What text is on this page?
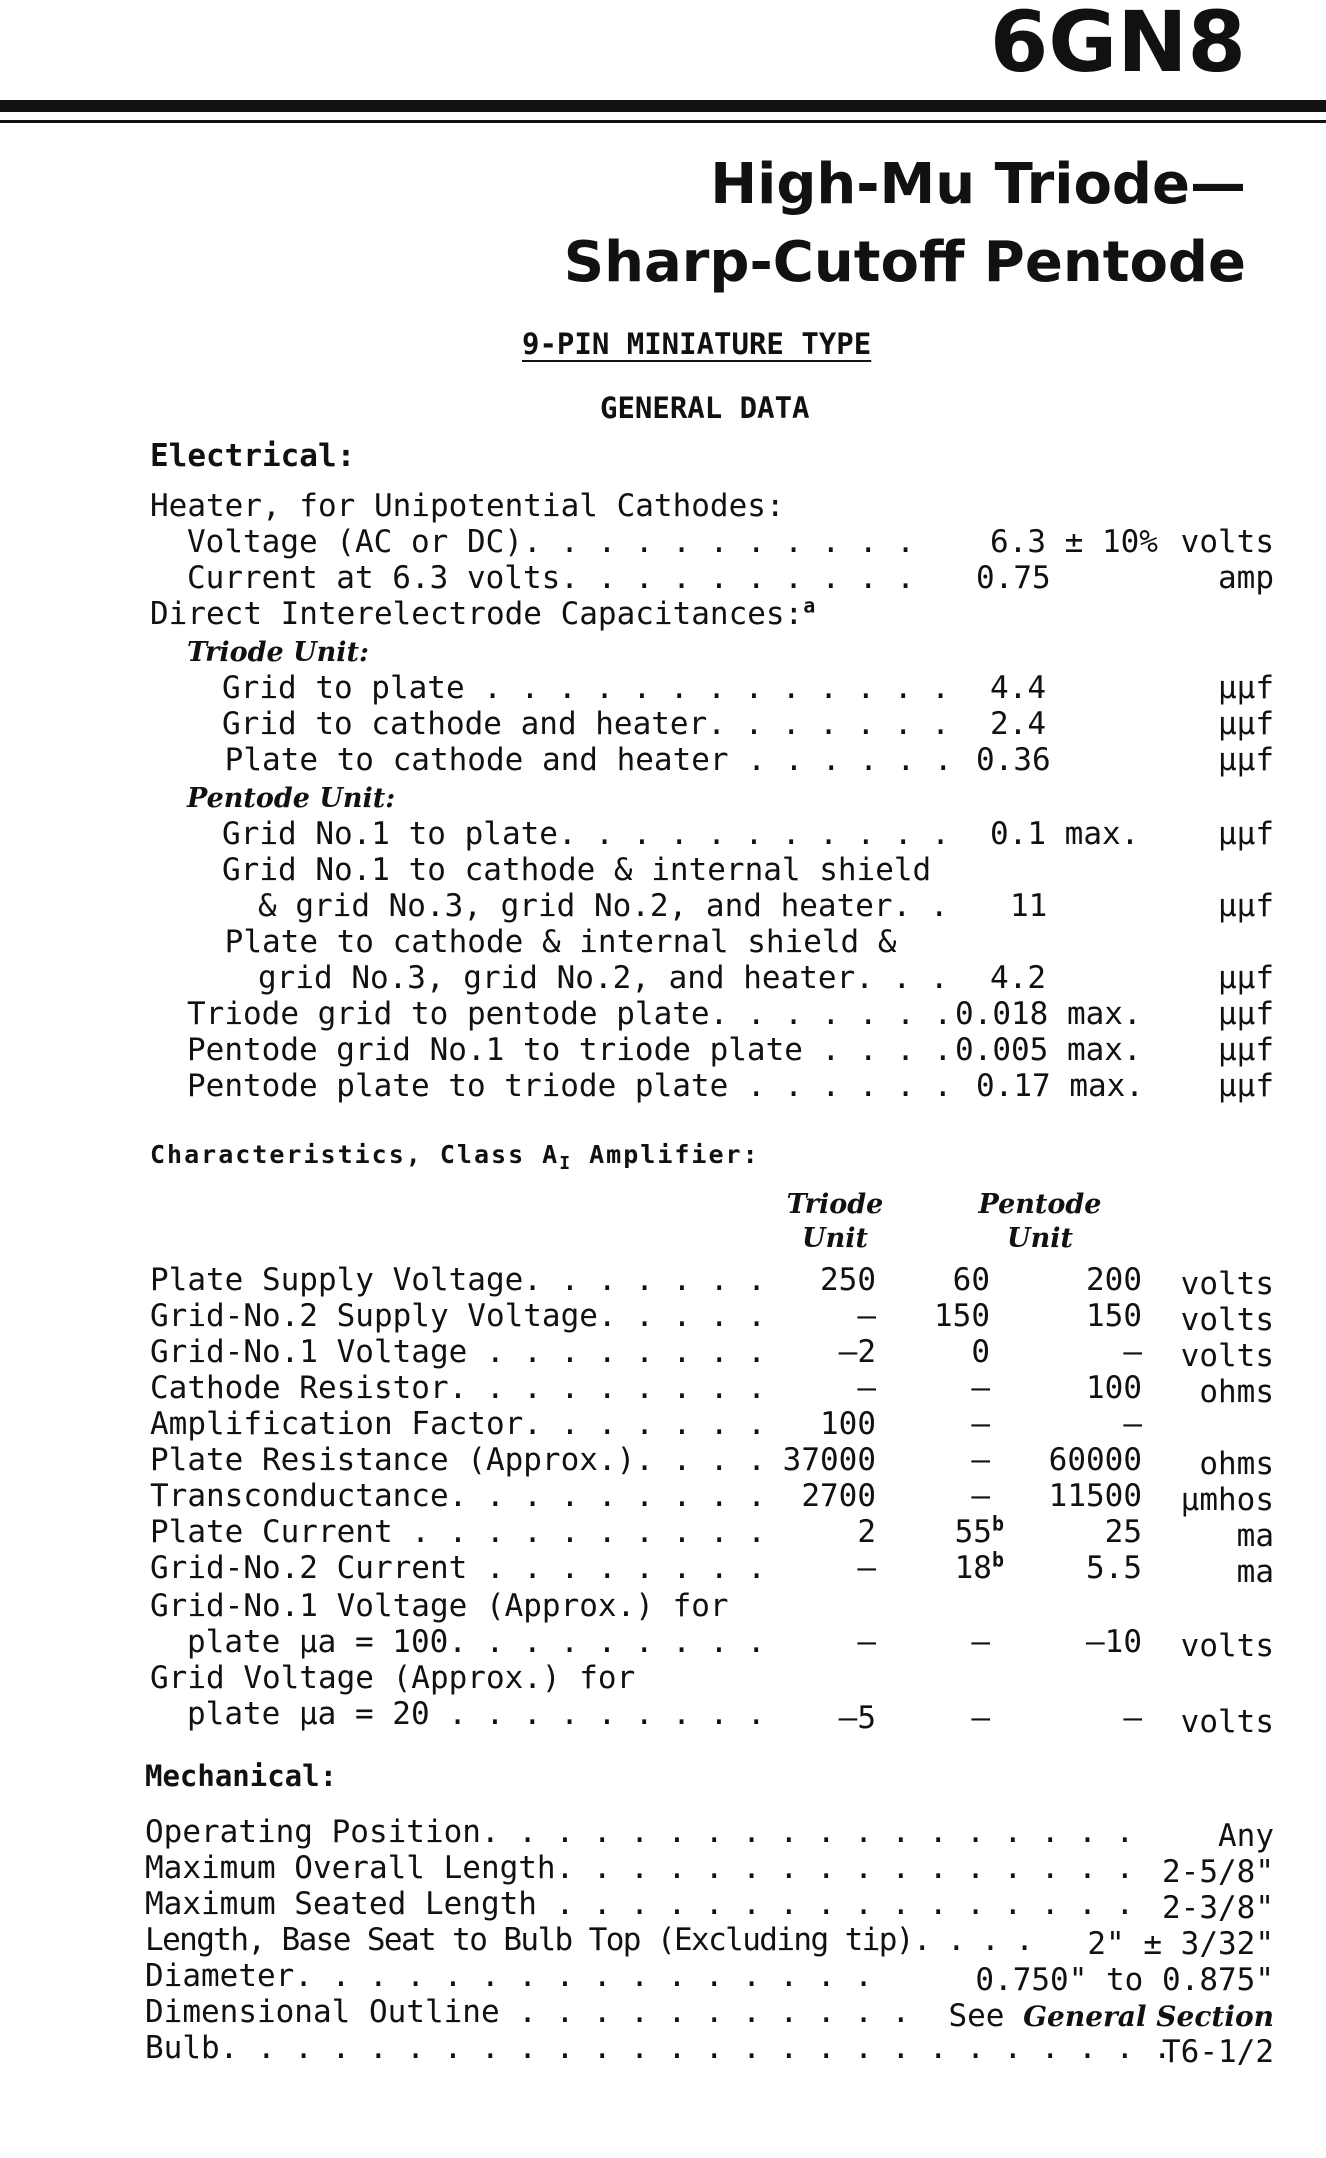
6GN8
High-Mu Triode—
Sharp-Cutoff Pentode
9-PIN MINIATURE TYPE
GENERAL DATA
Electrical:
Heater, for Unipotential Cathodes:
Voltage (AC or DC). . . . . . . . . . . 6.3 ± 10% volts
Current at 6.3 volts. . . . . . . . . . 0.75	amp
Direct Interelectrode Capacitances:$^a$
Triode Unit:
Grid to plate . . . . . . . . . . . . . 4.4	µµf
Grid to cathode and heater. . . . . . . 2.4	µµf
Plate to cathode and heater . . . . . . 0.36	µµf
Pentode Unit:
Grid No.1 to plate. . . . . . . . . . . 0.1 max.	µµf
Grid No.1 to cathode & internal shield
& grid No.3, grid No.2, and heater. . 11	µµf
Plate to cathode & internal shield &
grid No.3, grid No.2, and heater. . . 4.2	µµf
Triode grid to pentode plate. . . . . . . 0.018 max. µµf
Pentode grid No.1 to triode plate . . . . 0.005 max. µµf
Pentode plate to triode plate . . . . . . 0.17 max. µµf
Characteristics, Class $A_I$ Amplifier:
Triode
Unit
Pentode
Unit
Plate Supply Voltage. . . . . . . 250 60	200 volts
Grid-No.2 Supply Voltage. . . . .	– 150	150 volts
Grid-No.1 Voltage . . . . . . . . –2	0	– volts
Cathode Resistor. . . . . . . . .	–	–	100 ohms
Amplification Factor. . . . . . . 100	–	–
Plate Resistance (Approx.). . . . 37000	– 60000 ohms
Transconductance. . . . . . . . . 2700	– 11500 µmhos
Plate Current . . . . . . . . . .	2	55$^b$	25	ma
Grid-No.2 Current . . . . . . . .	–	18$^b$	5.5	ma
Grid-No.1 Voltage (Approx.) for
plate µa = 100. . . . . . . . .	–	–	–10 volts
Grid Voltage (Approx.) for
plate µa = 20 . . . . . . . . . –5	–	– volts
Mechanical:
Operating Position. . . . . . . . . . . . . . . . . .	Any
Maximum Overall Length. . . . . . . . . . . . . . . . 2-5/8"
Maximum Seated Length . . . . . . . . . . . . . . . . 2-3/8"
Length, Base Seat to Bulb Top (Excluding tip). . . . 2" ± 3/32"
Diameter. . . . . . . . . . . . . . . .	0.750" to 0.875"
Dimensional Outline . . . . . . . . . . . See General Section
Bulb. . . . . . . . . . . . . . . . . . . . . . . . . .
T6-1/2
